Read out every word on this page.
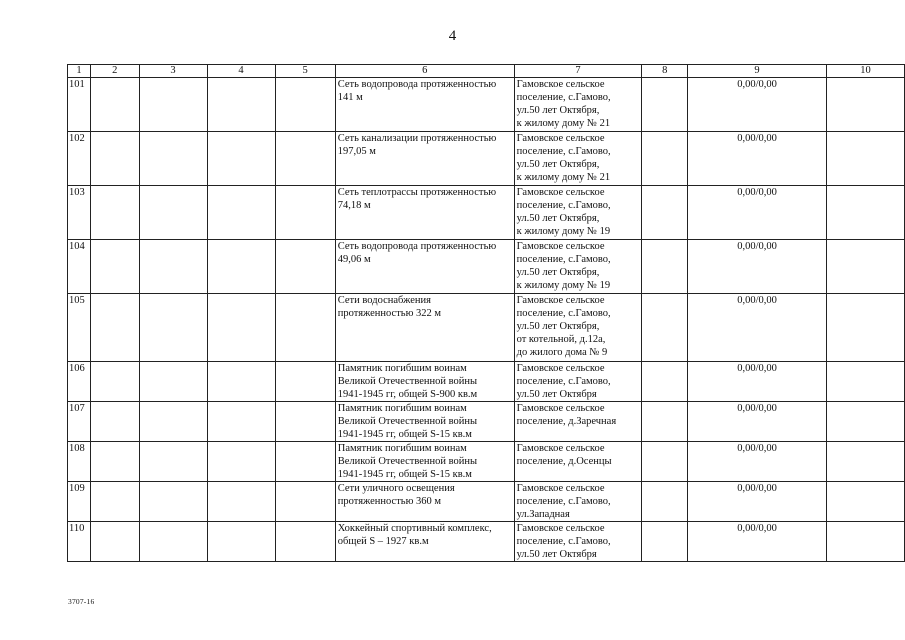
4
1	2	3	4	5	6	7	8	9	10
101					Сеть водопровода протяженностью
141 м	Гамовское сельское
поселение, с.Гамово,
ул.50 лет Октября,
к жилому дому № 21		0,00/0,00	
102					Сеть канализации протяженностью
197,05 м	Гамовское сельское
поселение, с.Гамово,
ул.50 лет Октября,
к жилому дому № 21		0,00/0,00	
103					Сеть теплотрассы протяженностью
74,18 м	Гамовское сельское
поселение, с.Гамово,
ул.50 лет Октября,
к жилому дому № 19		0,00/0,00	
104					Сеть водопровода протяженностью
49,06 м	Гамовское сельское
поселение, с.Гамово,
ул.50 лет Октября,
к жилому дому № 19		0,00/0,00	
105					Сети водоснабжения
протяженностью 322 м	Гамовское сельское
поселение, с.Гамово,
ул.50 лет Октября,
от котельной, д.12а,
до жилого дома № 9		0,00/0,00	
106					Памятник погибшим воинам
Великой Отечественной войны
1941-1945 гг, общей S-900 кв.м	Гамовское сельское
поселение, с.Гамово,
ул.50 лет Октября		0,00/0,00	
107					Памятник погибшим воинам
Великой Отечественной войны
1941-1945 гг, общей S-15 кв.м	Гамовское сельское
поселение, д.Заречная		0,00/0,00	
108					Памятник погибшим воинам
Великой Отечественной войны
1941-1945 гг, общей S-15 кв.м	Гамовское сельское
поселение, д.Осенцы		0,00/0,00	
109					Сети уличного освещения
протяженностью 360 м	Гамовское сельское
поселение, с.Гамово,
ул.Западная		0,00/0,00	
110					Хоккейный спортивный комплекс,
общей S – 1927 кв.м	Гамовское сельское
поселение, с.Гамово,
ул.50 лет Октября		0,00/0,00	
3707-16
